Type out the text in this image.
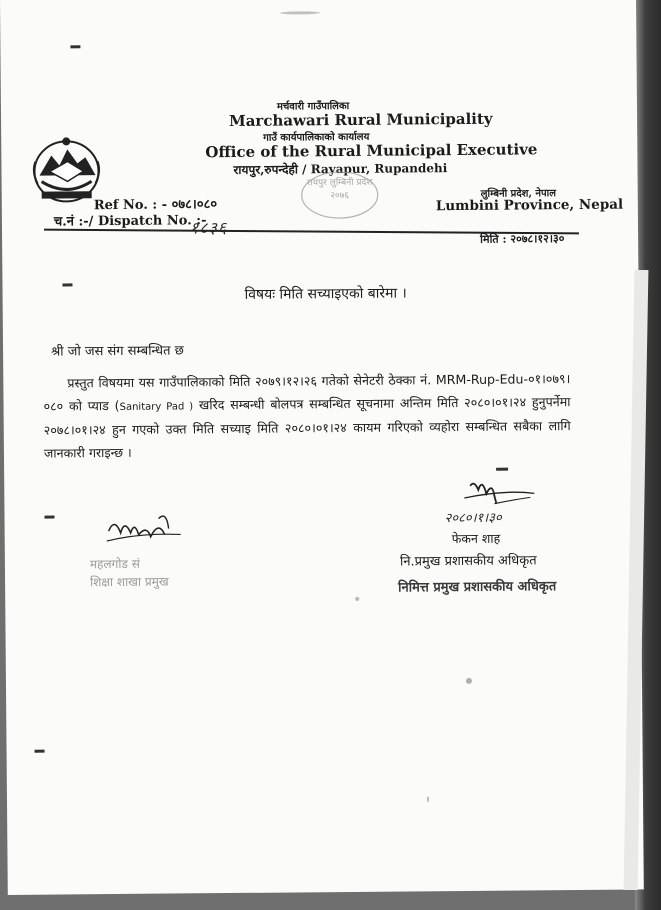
मर्चवारी गाउँपालिका
Marchawari Rural Municipality
गाउँ कार्यपालिकाको कार्यालय
Office of the Rural Municipal Executive
रायपुर,रुपन्देही / Rayapur, Rupandehi
रायपुर लुम्बिनी प्रदेश २०७६	लुम्बिनी प्रदेश, नेपाल
Lumbini Province, Nepal
Ref No. : - ०७८।०८०
च.नं :-/ Dispatch No. :-
१८३६
मिति : २०७८।१२।३०
विषयः मिति सच्याइएको बारेमा ।
श्री जो जस संग सम्बन्धित छ
प्रस्तुत विषयमा यस गाउँपालिकाको मिति २०७९।१२।२६ गतेको सेनेटरी ठेक्का नं. MRM-Rup-Edu-०१।०७९।०८० को प्याड (Sanitary Pad ) खरिद सम्बन्धी बोलपत्र सम्बन्धित सूचनामा अन्तिम मिति २०८०।०१।२४ हुनुपर्नेमा २०७८।०१।२४ हुन गएको उक्त मिति सच्याइ मिति २०८०।०१।२४ कायम गरिएको व्यहोरा सम्बन्धित सबैका लागि जानकारी गराइन्छ ।
महलगोड सं
शिक्षा शाखा प्रमुख
२०८०।१।३०
फेकन शाह
नि.प्रमुख प्रशासकीय अधिकृत
निमित्त प्रमुख प्रशासकीय अधिकृत
